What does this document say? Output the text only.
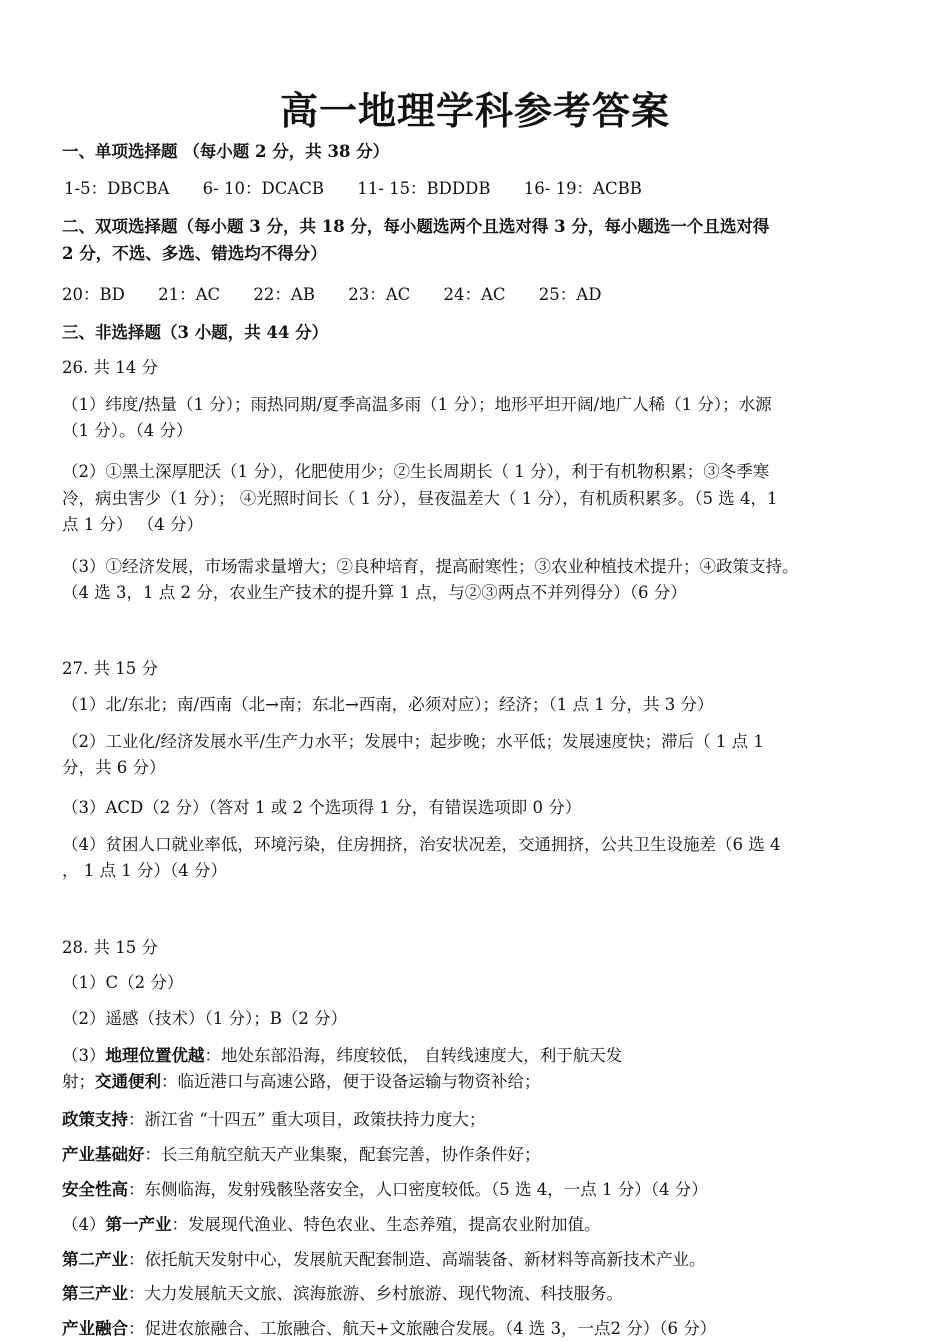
高一地理学科参考答案
一、单项选择题 （每小题 2 分，共 38 分）
1-5：DBCBA 6- 10：DCACB 11- 15：BDDDB 16- 19：ACBB
二、双项选择题（每小题 3 分，共 18 分，每小题选两个且选对得 3 分，每小题选一个且选对得
2 分，不选、多选、错选均不得分）
20：BD 21：AC 22：AB 23：AC 24：AC 25：AD
三、非选择题（3 小题，共 44 分）
26. 共 14 分
（1）纬度/热量（1 分）；雨热同期/夏季高温多雨（1 分）；地形平坦开阔/地广人稀（1 分）；水源
（1 分）。（4 分）
（2）①黑土深厚肥沃（1 分），化肥使用少；②生长周期长（ 1 分），利于有机物积累；③冬季寒
冷，病虫害少（1 分）； ④光照时间长（ 1 分），昼夜温差大（ 1 分），有机质积累多。（5 选 4，1
点 1 分） （4 分）
（3）①经济发展，市场需求量增大；②良种培育，提高耐寒性；③农业种植技术提升；④政策支持。
（4 选 3，1 点 2 分，农业生产技术的提升算 1 点，与②③两点不并列得分）（6 分）
27. 共 15 分
（1）北/东北；南/西南（北→南；东北→西南，必须对应）；经济；（1 点 1 分，共 3 分）
（2）工业化/经济发展水平/生产力水平；发展中；起步晚；水平低；发展速度快；滞后（ 1 点 1
分，共 6 分）
（3）ACD（2 分）（答对 1 或 2 个选项得 1 分，有错误选项即 0 分）
（4）贫困人口就业率低，环境污染，住房拥挤，治安状况差，交通拥挤，公共卫生设施差（6 选 4
， 1 点 1 分）（4 分）
28. 共 15 分
（1）C（2 分）
（2）遥感（技术）（1 分）；B（2 分）
（3）地理位置优越：地处东部沿海，纬度较低， 自转线速度大，利于航天发
射；交通便利：临近港口与高速公路，便于设备运输与物资补给；
政策支持：浙江省 “十四五” 重大项目，政策扶持力度大；
产业基础好：长三角航空航天产业集聚，配套完善，协作条件好；
安全性高：东侧临海，发射残骸坠落安全，人口密度较低。（5 选 4，一点 1 分）（4 分）
（4）第一产业：发展现代渔业、特色农业、生态养殖，提高农业附加值。
第二产业：依托航天发射中心，发展航天配套制造、高端装备、新材料等高新技术产业。
第三产业：大力发展航天文旅、滨海旅游、乡村旅游、现代物流、科技服务。
产业融合：促进农旅融合、工旅融合、航天+文旅融合发展。（4 选 3，一点2 分）（6 分）
